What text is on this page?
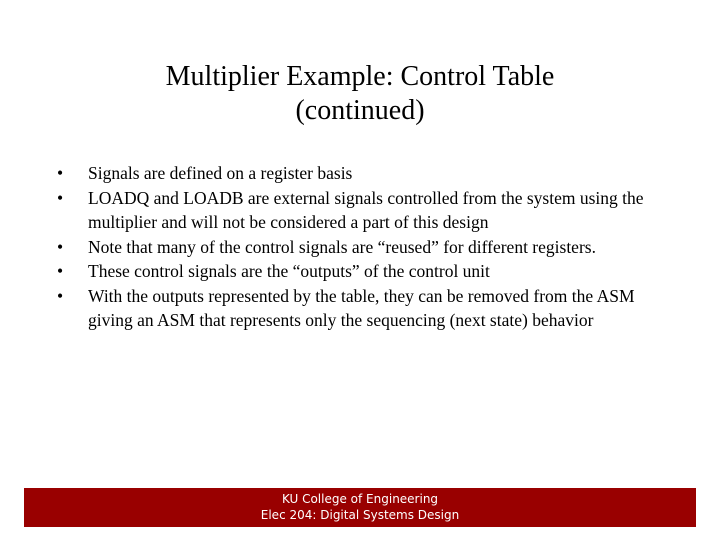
Multiplier Example: Control Table
(continued)
•	Signals are defined on a register basis
•	LOADQ and LOADB are external signals controlled from the system using the multiplier and will not be considered a part of this design
•	Note that many of the control signals are “reused” for different registers.
•	These control signals are the “outputs” of the control unit
•	With the outputs represented by the table, they can be removed from the ASM giving an ASM that represents only the sequencing (next state) behavior
KU College of Engineering
Elec 204: Digital Systems Design
